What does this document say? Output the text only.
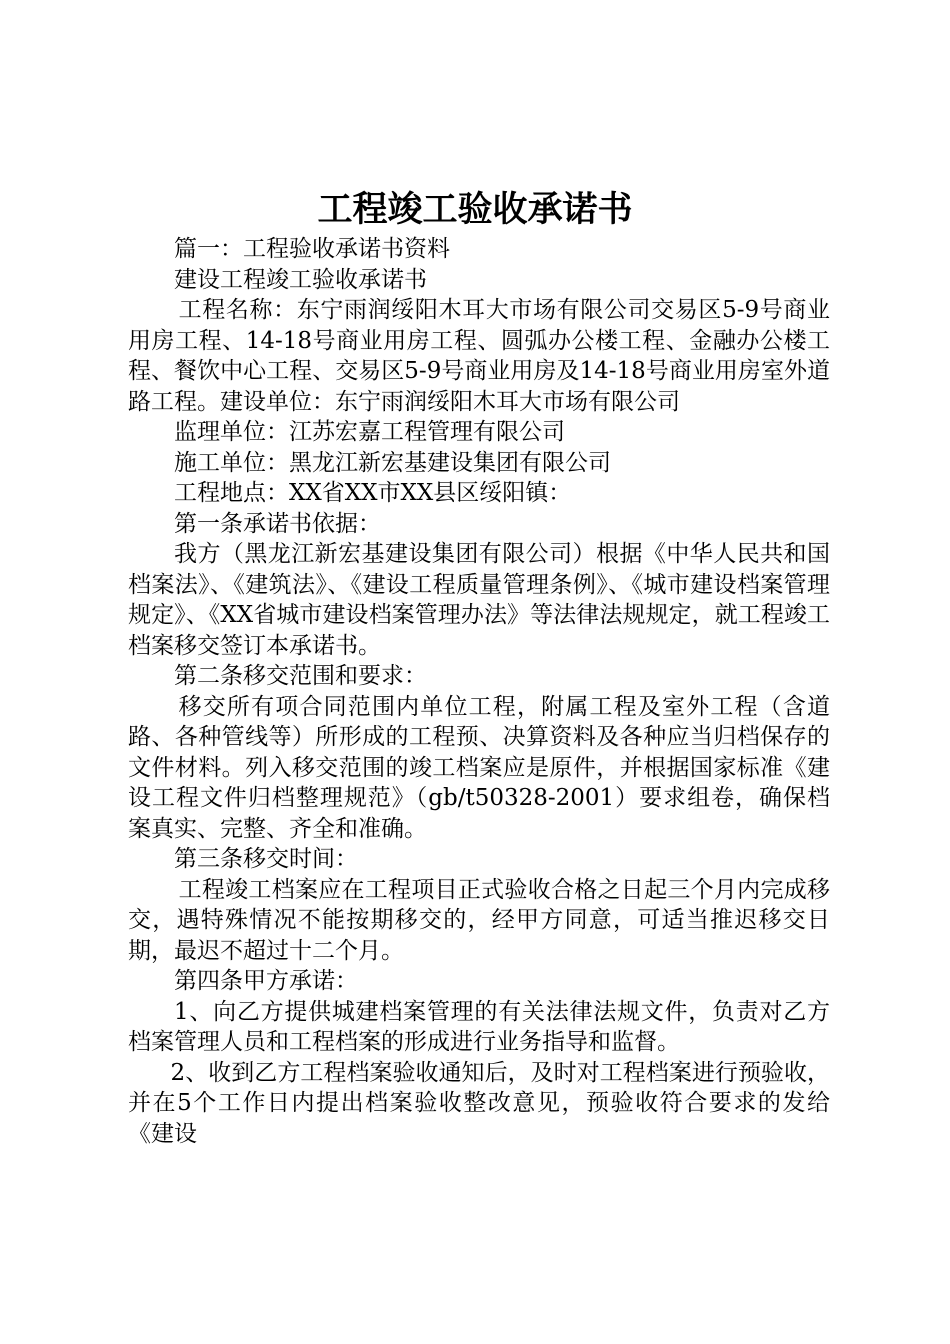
工程竣工验收承诺书

篇一：工程验收承诺书资料

建设工程竣工验收承诺书

工程名称：东宁雨润绥阳木耳大市场有限公司交易区5-9号商业用房工程、14-18号商业用房工程、圆弧办公楼工程、金融办公楼工程、餐饮中心工程、交易区5-9号商业用房及14-18号商业用房室外道路工程。建设单位：东宁雨润绥阳木耳大市场有限公司

监理单位：江苏宏嘉工程管理有限公司

施工单位：黑龙江新宏基建设集团有限公司

工程地点：XX省XX市XX县区绥阳镇：

第一条承诺书依据：

我方（黑龙江新宏基建设集团有限公司）根据《中华人民共和国档案法》、《建筑法》、《建设工程质量管理条例》、《城市建设档案管理规定》、《XX省城市建设档案管理办法》等法律法规规定，就工程竣工档案移交签订本承诺书。

第二条移交范围和要求：

移交所有项合同范围内单位工程，附属工程及室外工程（含道路、各种管线等）所形成的工程预、决算资料及各种应当归档保存的文件材料。列入移交范围的竣工档案应是原件，并根据国家标准《建设工程文件归档整理规范》（gb/t50328-2001）要求组卷，确保档案真实、完整、齐全和准确。

第三条移交时间：

工程竣工档案应在工程项目正式验收合格之日起三个月内完成移交，遇特殊情况不能按期移交的，经甲方同意，可适当推迟移交日期，最迟不超过十二个月。

第四条甲方承诺：

1、向乙方提供城建档案管理的有关法律法规文件，负责对乙方档案管理人员和工程档案的形成进行业务指导和监督。

2、收到乙方工程档案验收通知后，及时对工程档案进行预验收，并在5个工作日内提出档案验收整改意见，预验收符合要求的发给《建设
